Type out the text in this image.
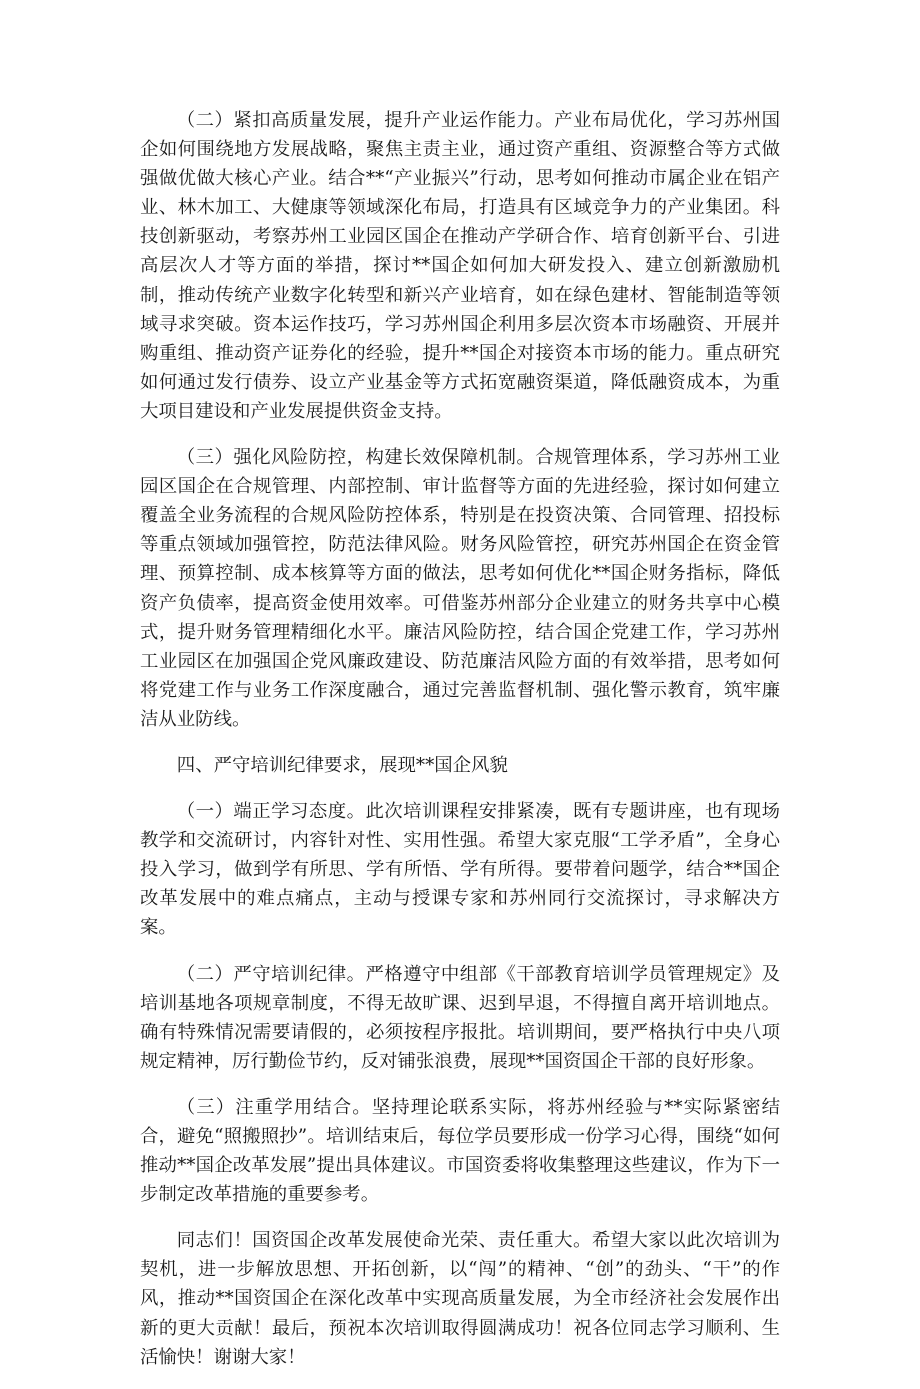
（二）紧扣高质量发展，提升产业运作能力。产业布局优化，学习苏州国企如何围绕地方发展战略，聚焦主责主业，通过资产重组、资源整合等方式做强做优做大核心产业。结合**“产业振兴”行动，思考如何推动市属企业在铝产业、林木加工、大健康等领域深化布局，打造具有区域竞争力的产业集团。科技创新驱动，考察苏州工业园区国企在推动产学研合作、培育创新平台、引进高层次人才等方面的举措，探讨**国企如何加大研发投入、建立创新激励机制，推动传统产业数字化转型和新兴产业培育，如在绿色建材、智能制造等领域寻求突破。资本运作技巧，学习苏州国企利用多层次资本市场融资、开展并购重组、推动资产证券化的经验，提升**国企对接资本市场的能力。重点研究如何通过发行债券、设立产业基金等方式拓宽融资渠道，降低融资成本，为重大项目建设和产业发展提供资金支持。

（三）强化风险防控，构建长效保障机制。合规管理体系，学习苏州工业园区国企在合规管理、内部控制、审计监督等方面的先进经验，探讨如何建立覆盖全业务流程的合规风险防控体系，特别是在投资决策、合同管理、招投标等重点领域加强管控，防范法律风险。财务风险管控，研究苏州国企在资金管理、预算控制、成本核算等方面的做法，思考如何优化**国企财务指标，降低资产负债率，提高资金使用效率。可借鉴苏州部分企业建立的财务共享中心模式，提升财务管理精细化水平。廉洁风险防控，结合国企党建工作，学习苏州工业园区在加强国企党风廉政建设、防范廉洁风险方面的有效举措，思考如何将党建工作与业务工作深度融合，通过完善监督机制、强化警示教育，筑牢廉洁从业防线。

四、严守培训纪律要求，展现**国企风貌

（一）端正学习态度。此次培训课程安排紧凑，既有专题讲座，也有现场教学和交流研讨，内容针对性、实用性强。希望大家克服“工学矛盾”，全身心投入学习，做到学有所思、学有所悟、学有所得。要带着问题学，结合**国企改革发展中的难点痛点，主动与授课专家和苏州同行交流探讨，寻求解决方案。

（二）严守培训纪律。严格遵守中组部《干部教育培训学员管理规定》及培训基地各项规章制度，不得无故旷课、迟到早退，不得擅自离开培训地点。确有特殊情况需要请假的，必须按程序报批。培训期间，要严格执行中央八项规定精神，厉行勤俭节约，反对铺张浪费，展现**国资国企干部的良好形象。

（三）注重学用结合。坚持理论联系实际，将苏州经验与**实际紧密结合，避免“照搬照抄”。培训结束后，每位学员要形成一份学习心得，围绕“如何推动**国企改革发展”提出具体建议。市国资委将收集整理这些建议，作为下一步制定改革措施的重要参考。

同志们！国资国企改革发展使命光荣、责任重大。希望大家以此次培训为契机，进一步解放思想、开拓创新，以“闯”的精神、“创”的劲头、“干”的作风，推动**国资国企在深化改革中实现高质量发展，为全市经济社会发展作出新的更大贡献！最后，预祝本次培训取得圆满成功！祝各位同志学习顺利、生活愉快！谢谢大家！
